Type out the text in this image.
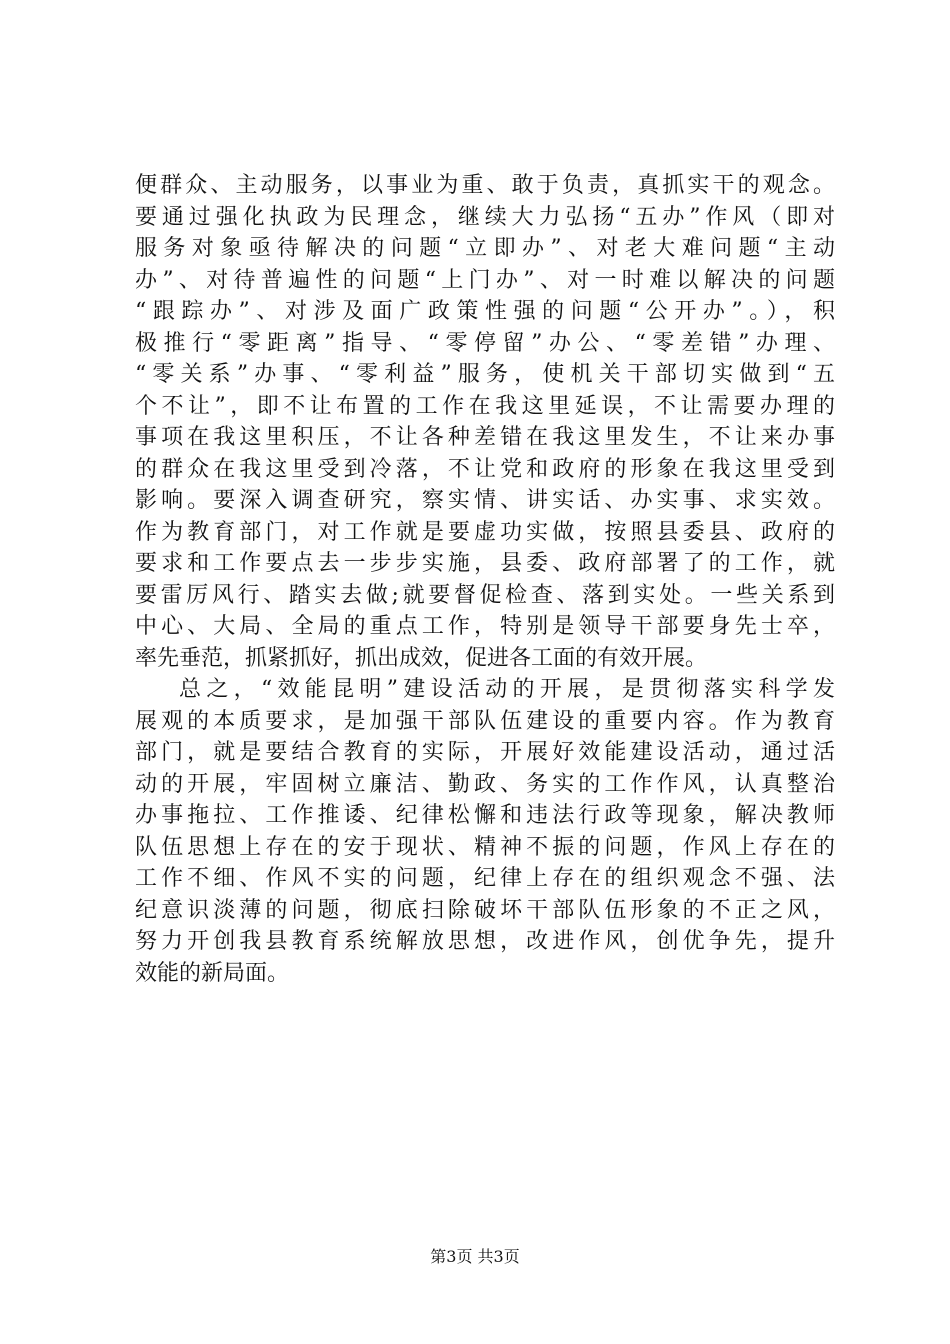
便群众、主动服务，以事业为重、敢于负责，真抓实干的观念。
要通过强化执政为民理念，继续大力弘扬“五办”作风（即对
服务对象亟待解决的问题“立即办”、对老大难问题“主动
办”、对待普遍性的问题“上门办”、对一时难以解决的问题
“跟踪办”、对涉及面广政策性强的问题“公开办”。），积
极推行“零距离”指导、“零停留”办公、“零差错”办理、
“零关系”办事、“零利益”服务，使机关干部切实做到“五
个不让”，即不让布置的工作在我这里延误，不让需要办理的
事项在我这里积压，不让各种差错在我这里发生，不让来办事
的群众在我这里受到冷落，不让党和政府的形象在我这里受到
影响。要深入调查研究，察实情、讲实话、办实事、求实效。
作为教育部门，对工作就是要虚功实做，按照县委县、政府的
要求和工作要点去一步步实施，县委、政府部署了的工作，就
要雷厉风行、踏实去做;就要督促检查、落到实处。一些关系到
中心、大局、全局的重点工作，特别是领导干部要身先士卒，
率先垂范，抓紧抓好，抓出成效，促进各工面的有效开展。
总之，“效能昆明”建设活动的开展，是贯彻落实科学发
展观的本质要求，是加强干部队伍建设的重要内容。作为教育
部门，就是要结合教育的实际，开展好效能建设活动，通过活
动的开展，牢固树立廉洁、勤政、务实的工作作风，认真整治
办事拖拉、工作推诿、纪律松懈和违法行政等现象，解决教师
队伍思想上存在的安于现状、精神不振的问题，作风上存在的
工作不细、作风不实的问题，纪律上存在的组织观念不强、法
纪意识淡薄的问题，彻底扫除破坏干部队伍形象的不正之风，
努力开创我县教育系统解放思想，改进作风，创优争先，提升
效能的新局面。
第3页 共3页
